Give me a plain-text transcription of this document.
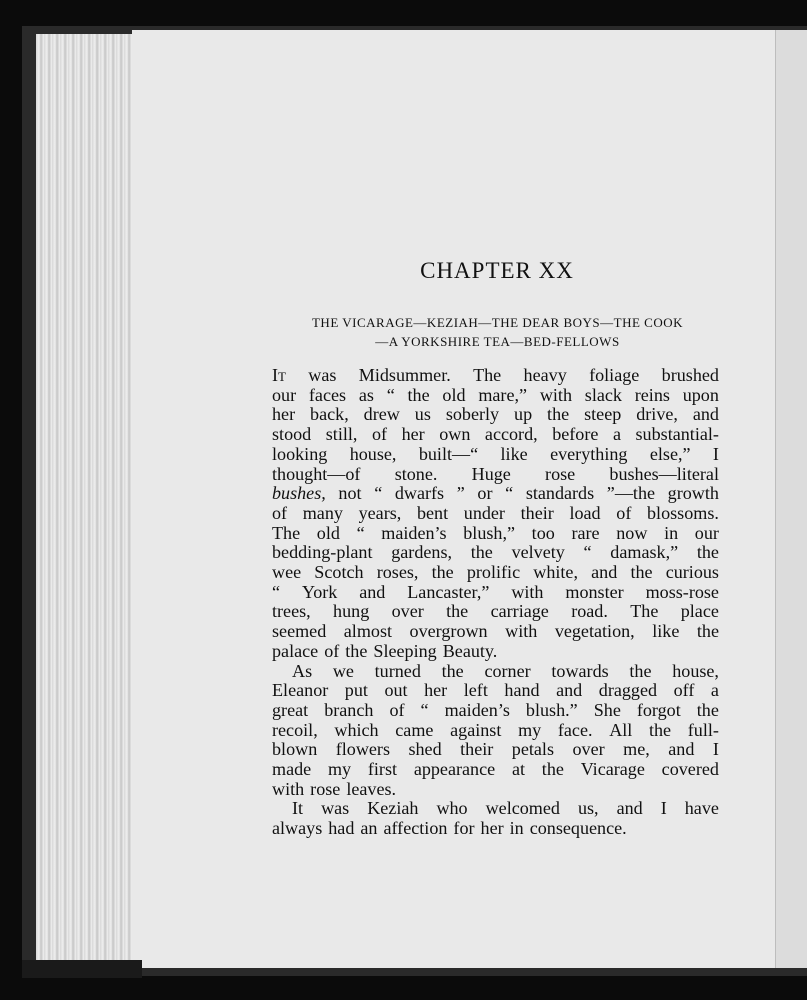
CHAPTER XX
THE VICARAGE—KEZIAH—THE DEAR BOYS—THE COOK
—A YORKSHIRE TEA—BED-FELLOWS
It was Midsummer. The heavy foliage brushed
our faces as “ the old mare,” with slack reins upon
her back, drew us soberly up the steep drive, and
stood still, of her own accord, before a substantial-
looking house, built—“ like everything else,” I
thought—of stone. Huge rose bushes—literal
bushes, not “ dwarfs ” or “ standards ”—the growth
of many years, bent under their load of blossoms.
The old “ maiden’s blush,” too rare now in our
bedding-plant gardens, the velvety “ damask,” the
wee Scotch roses, the prolific white, and the curious
“ York and Lancaster,” with monster moss-rose
trees, hung over the carriage road. The place
seemed almost overgrown with vegetation, like the
palace of the Sleeping Beauty.
As we turned the corner towards the house,
Eleanor put out her left hand and dragged off a
great branch of “ maiden’s blush.” She forgot the
recoil, which came against my face. All the full-
blown flowers shed their petals over me, and I
made my first appearance at the Vicarage covered
with rose leaves.
It was Keziah who welcomed us, and I have
always had an affection for her in consequence.
